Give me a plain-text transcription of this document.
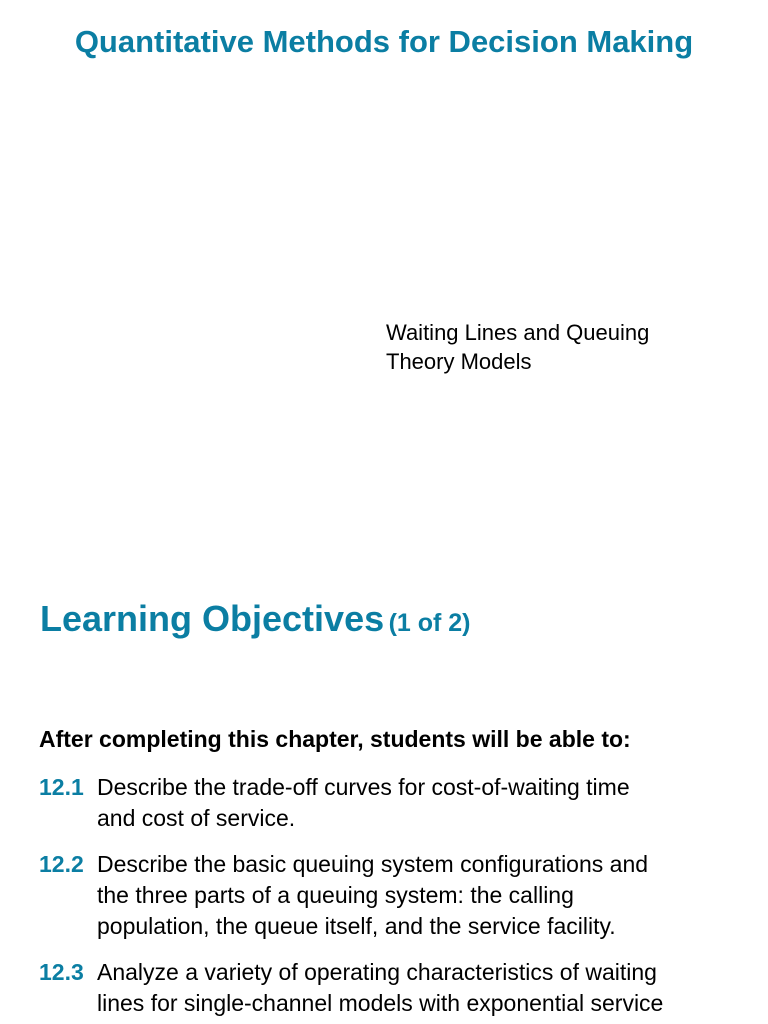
Quantitative Methods for Decision Making
Waiting Lines and Queuing
Theory Models
Learning Objectives (1 of 2)
After completing this chapter, students will be able to:
12.1 Describe the trade-off curves for cost-of-waiting time
and cost of service.
12.2 Describe the basic queuing system configurations and
the three parts of a queuing system: the calling
population, the queue itself, and the service facility.
12.3 Analyze a variety of operating characteristics of waiting
lines for single-channel models with exponential service
